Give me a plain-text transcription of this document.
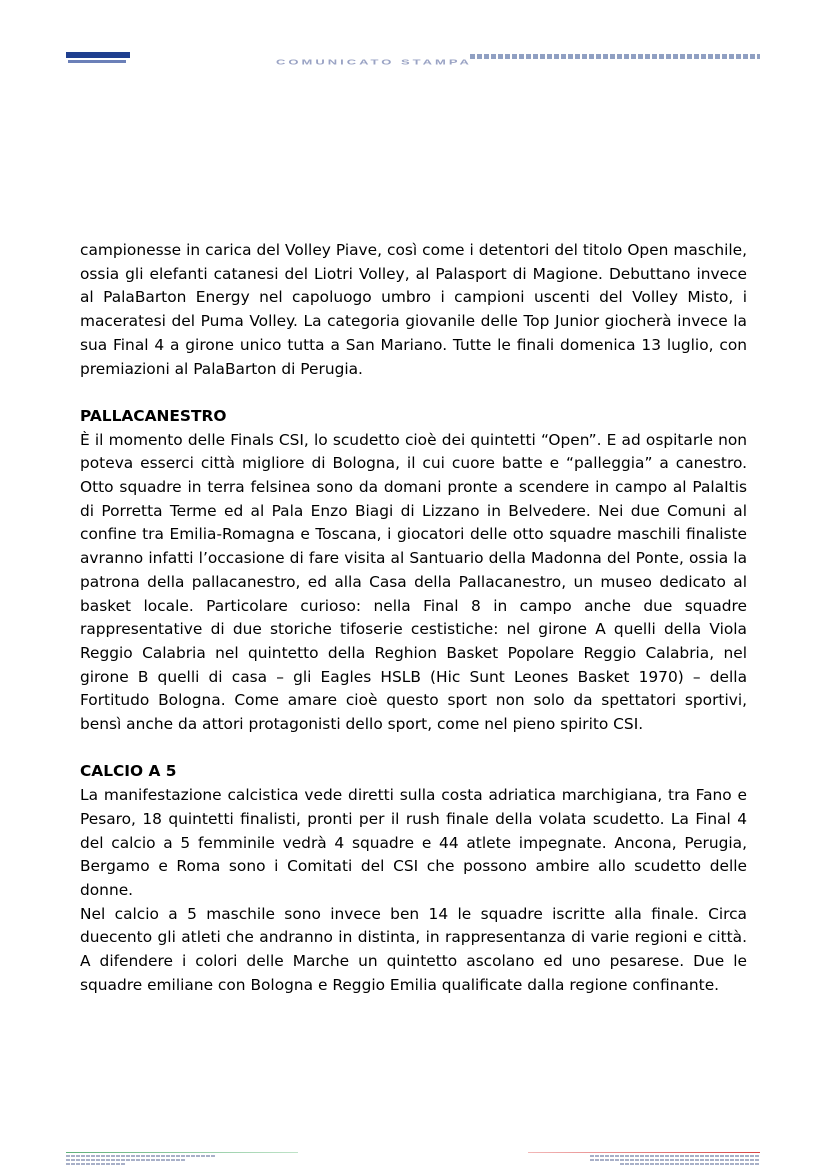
COMUNICATO STAMPA

campionesse in carica del Volley Piave, così come i detentori del titolo Open maschile, ossia gli elefanti catanesi del Liotri Volley, al Palasport di Magione. Debuttano invece al PalaBarton Energy nel capoluogo umbro i campioni uscenti del Volley Misto, i maceratesi del Puma Volley. La categoria giovanile delle Top Junior giocherà invece la sua Final 4 a girone unico tutta a San Mariano. Tutte le finali domenica 13 luglio, con premiazioni al PalaBarton di Perugia.

PALLACANESTRO

È il momento delle Finals CSI, lo scudetto cioè dei quintetti “Open”. E ad ospitarle non poteva esserci città migliore di Bologna, il cui cuore batte e “palleggia” a canestro. Otto squadre in terra felsinea sono da domani pronte a scendere in campo al PalaItis di Porretta Terme ed al Pala Enzo Biagi di Lizzano in Belvedere. Nei due Comuni al confine tra Emilia-Romagna e Toscana, i giocatori delle otto squadre maschili finaliste avranno infatti l’occasione di fare visita al Santuario della Madonna del Ponte, ossia la patrona della pallacanestro, ed alla Casa della Pallacanestro, un museo dedicato al basket locale. Particolare curioso: nella Final 8 in campo anche due squadre rappresentative di due storiche tifoserie cestistiche: nel girone A quelli della Viola Reggio Calabria nel quintetto della Reghion Basket Popolare Reggio Calabria, nel girone B quelli di casa – gli Eagles HSLB (Hic Sunt Leones Basket 1970) – della Fortitudo Bologna. Come amare cioè questo sport non solo da spettatori sportivi, bensì anche da attori protagonisti dello sport, come nel pieno spirito CSI.

CALCIO A 5

La manifestazione calcistica vede diretti sulla costa adriatica marchigiana, tra Fano e Pesaro, 18 quintetti finalisti, pronti per il rush finale della volata scudetto. La Final 4 del calcio a 5 femminile vedrà 4 squadre e 44 atlete impegnate. Ancona, Perugia, Bergamo e Roma sono i Comitati del CSI che possono ambire allo scudetto delle donne.

Nel calcio a 5 maschile sono invece ben 14 le squadre iscritte alla finale. Circa duecento gli atleti che andranno in distinta, in rappresentanza di varie regioni e città. A difendere i colori delle Marche un quintetto ascolano ed uno pesarese. Due le squadre emiliane con Bologna e Reggio Emilia qualificate dalla regione confinante.
